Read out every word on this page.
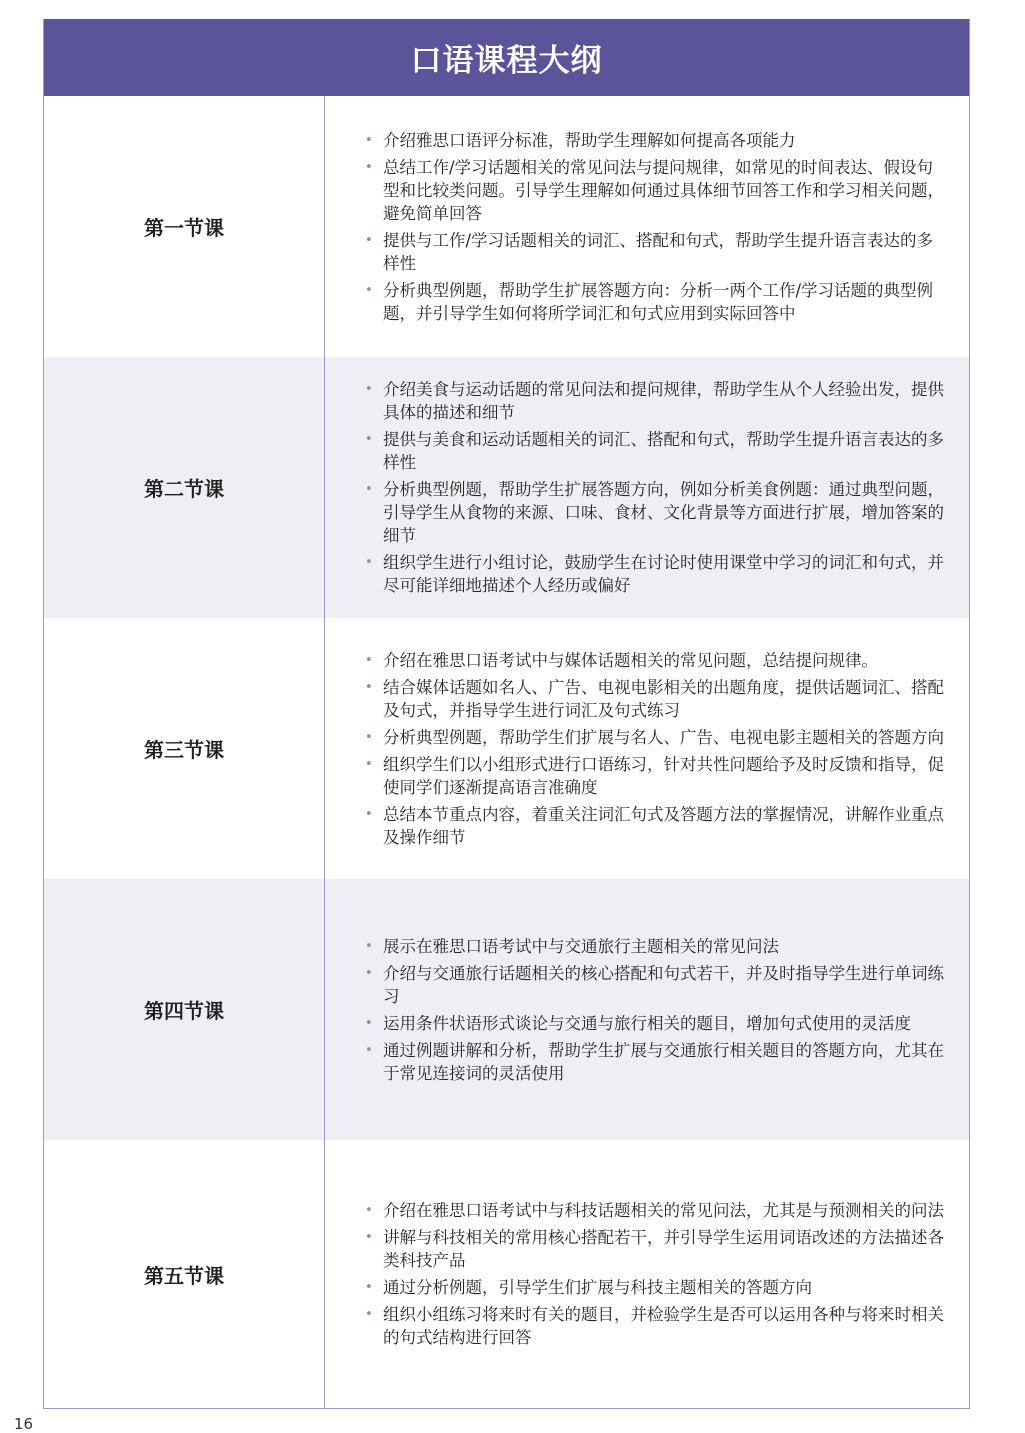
口语课程大纲
第一节课
• 介绍雅思口语评分标准，帮助学生理解如何提高各项能力
• 总结工作/学习话题相关的常见问法与提问规律，如常见的时间表达、假设句型和比较类问题。引导学生理解如何通过具体细节回答工作和学习相关问题，避免简单回答
• 提供与工作/学习话题相关的词汇、搭配和句式，帮助学生提升语言表达的多样性
• 分析典型例题，帮助学生扩展答题方向：分析一两个工作/学习话题的典型例题，并引导学生如何将所学词汇和句式应用到实际回答中
第二节课
• 介绍美食与运动话题的常见问法和提问规律，帮助学生从个人经验出发，提供具体的描述和细节
• 提供与美食和运动话题相关的词汇、搭配和句式，帮助学生提升语言表达的多样性
• 分析典型例题，帮助学生扩展答题方向，例如分析美食例题：通过典型问题，引导学生从食物的来源、口味、食材、文化背景等方面进行扩展，增加答案的细节
• 组织学生进行小组讨论，鼓励学生在讨论时使用课堂中学习的词汇和句式，并尽可能详细地描述个人经历或偏好
第三节课
• 介绍在雅思口语考试中与媒体话题相关的常见问题，总结提问规律。
• 结合媒体话题如名人、广告、电视电影相关的出题角度，提供话题词汇、搭配及句式，并指导学生进行词汇及句式练习
• 分析典型例题，帮助学生们扩展与名人、广告、电视电影主题相关的答题方向
• 组织学生们以小组形式进行口语练习，针对共性问题给予及时反馈和指导，促使同学们逐渐提高语言准确度
• 总结本节重点内容，着重关注词汇句式及答题方法的掌握情况，讲解作业重点及操作细节
第四节课
• 展示在雅思口语考试中与交通旅行主题相关的常见问法
• 介绍与交通旅行话题相关的核心搭配和句式若干，并及时指导学生进行单词练习
• 运用条件状语形式谈论与交通与旅行相关的题目，增加句式使用的灵活度
• 通过例题讲解和分析，帮助学生扩展与交通旅行相关题目的答题方向，尤其在于常见连接词的灵活使用
第五节课
• 介绍在雅思口语考试中与科技话题相关的常见问法，尤其是与预测相关的问法
• 讲解与科技相关的常用核心搭配若干，并引导学生运用词语改述的方法描述各类科技产品
• 通过分析例题，引导学生们扩展与科技主题相关的答题方向
• 组织小组练习将来时有关的题目，并检验学生是否可以运用各种与将来时相关的句式结构进行回答
16
